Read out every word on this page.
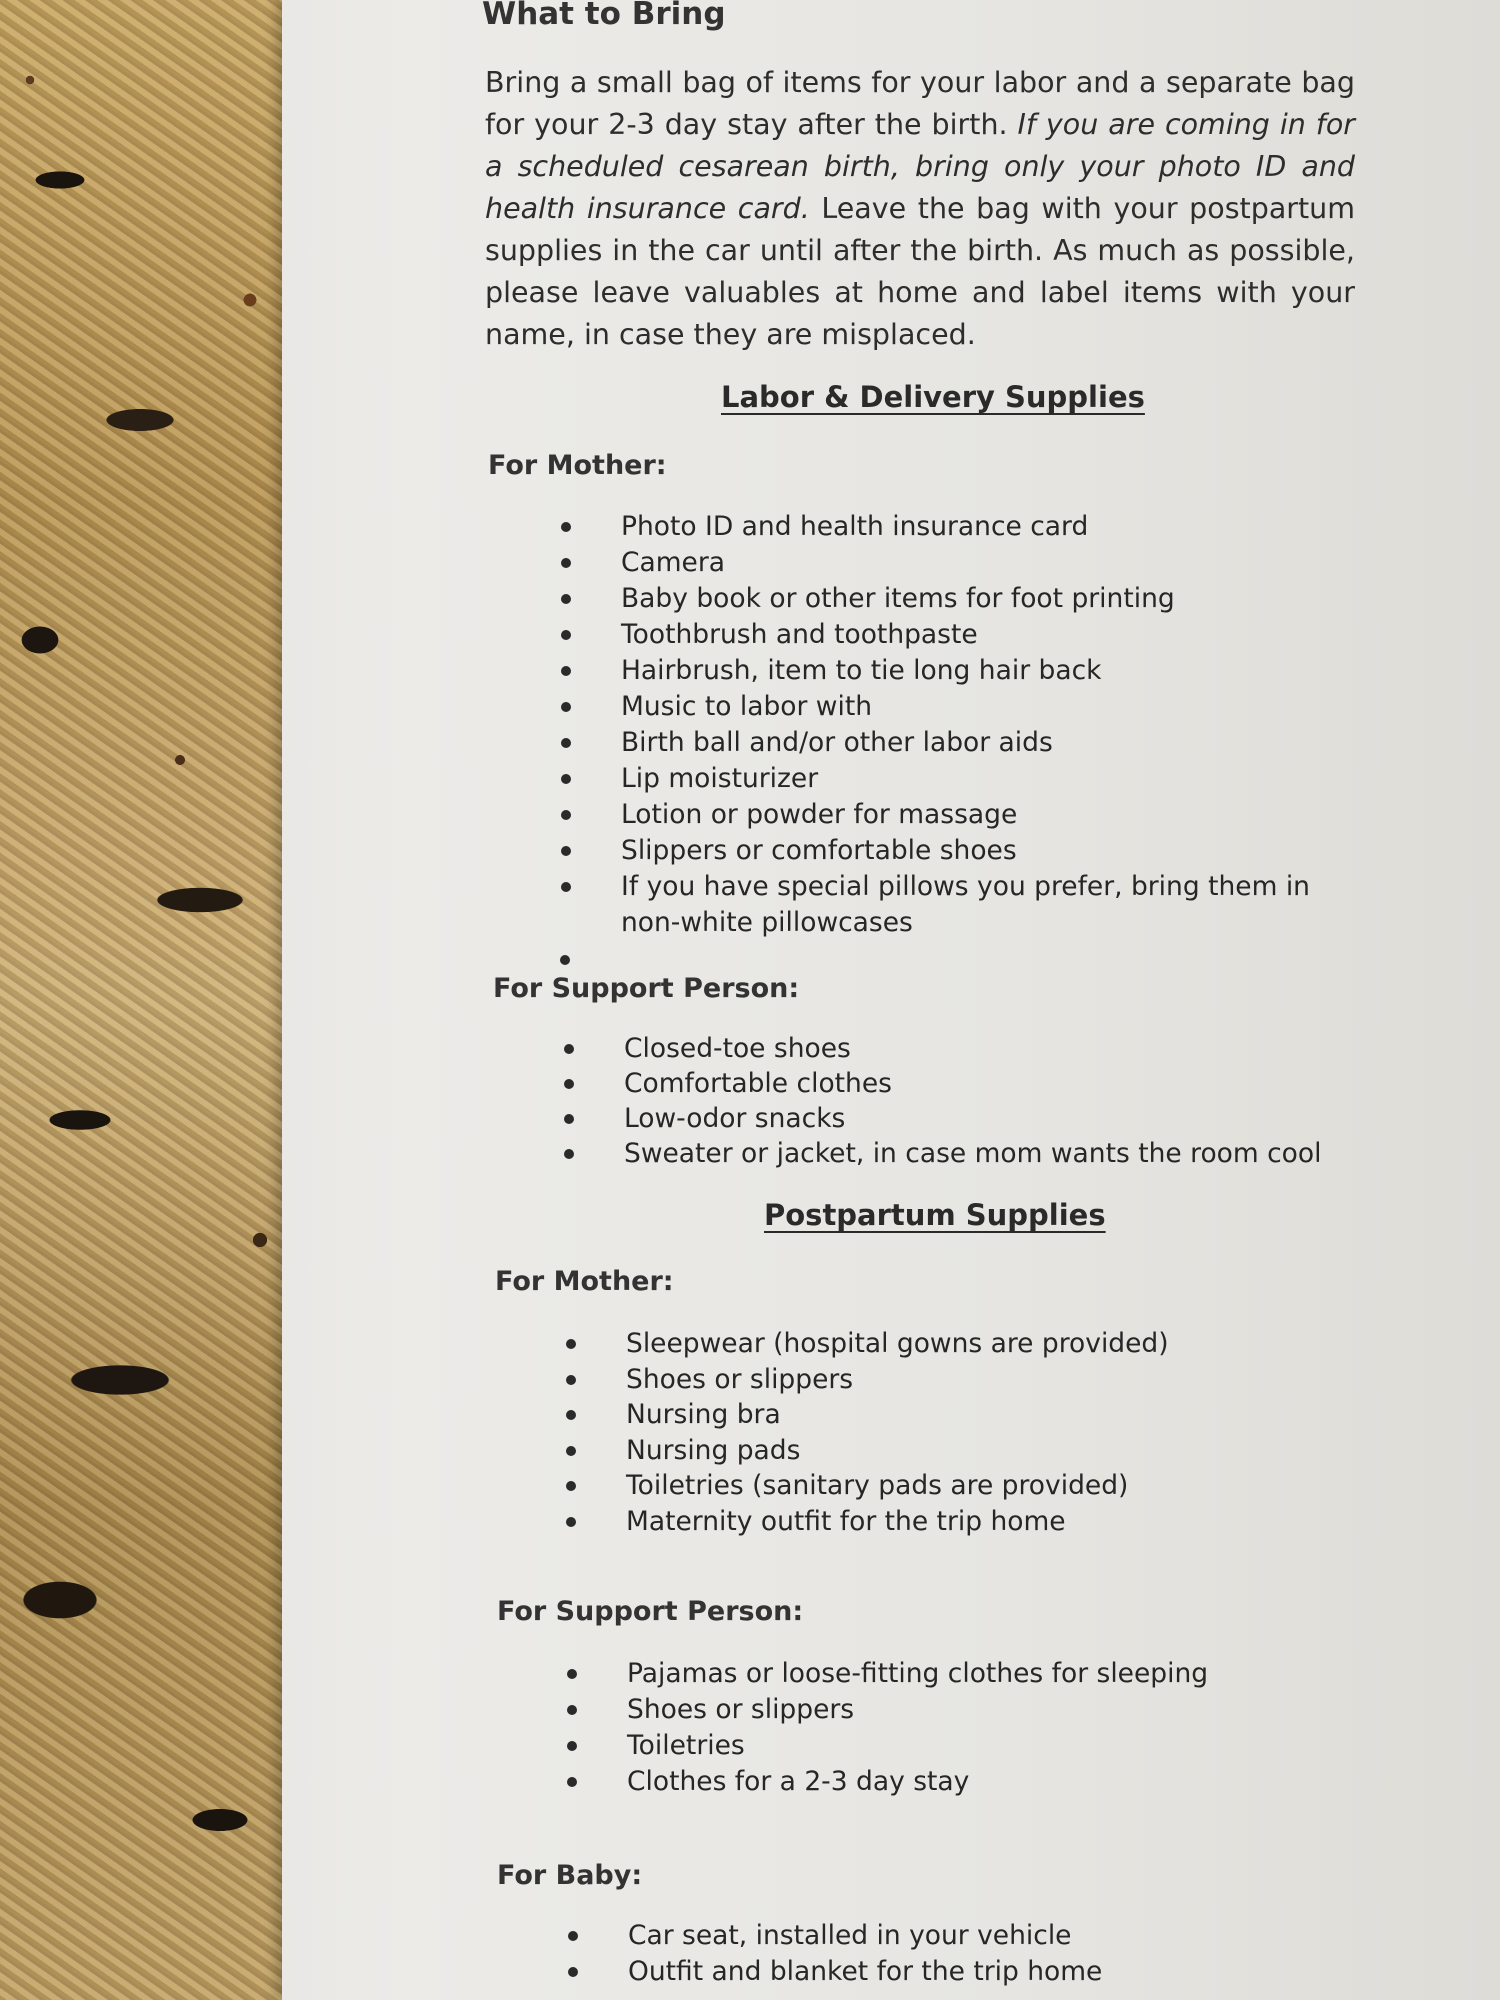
What to Bring
Bring a small bag of items for your labor and a separate bag for your 2-3 day stay after the birth. If you are coming in for a scheduled cesarean birth, bring only your photo ID and health insurance card. Leave the bag with your postpartum supplies in the car until after the birth. As much as possible, please leave valuables at home and label items with your name, in case they are misplaced.
Labor & Delivery Supplies
For Mother:
Photo ID and health insurance card
Camera
Baby book or other items for foot printing
Toothbrush and toothpaste
Hairbrush, item to tie long hair back
Music to labor with
Birth ball and/or other labor aids
Lip moisturizer
Lotion or powder for massage
Slippers or comfortable shoes
If you have special pillows you prefer, bring them in non-white pillowcases
For Support Person:
Closed-toe shoes
Comfortable clothes
Low-odor snacks
Sweater or jacket, in case mom wants the room cool
Postpartum Supplies
For Mother:
Sleepwear (hospital gowns are provided)
Shoes or slippers
Nursing bra
Nursing pads
Toiletries (sanitary pads are provided)
Maternity outfit for the trip home
For Support Person:
Pajamas or loose-fitting clothes for sleeping
Shoes or slippers
Toiletries
Clothes for a 2-3 day stay
For Baby:
Car seat, installed in your vehicle
Outfit and blanket for the trip home
